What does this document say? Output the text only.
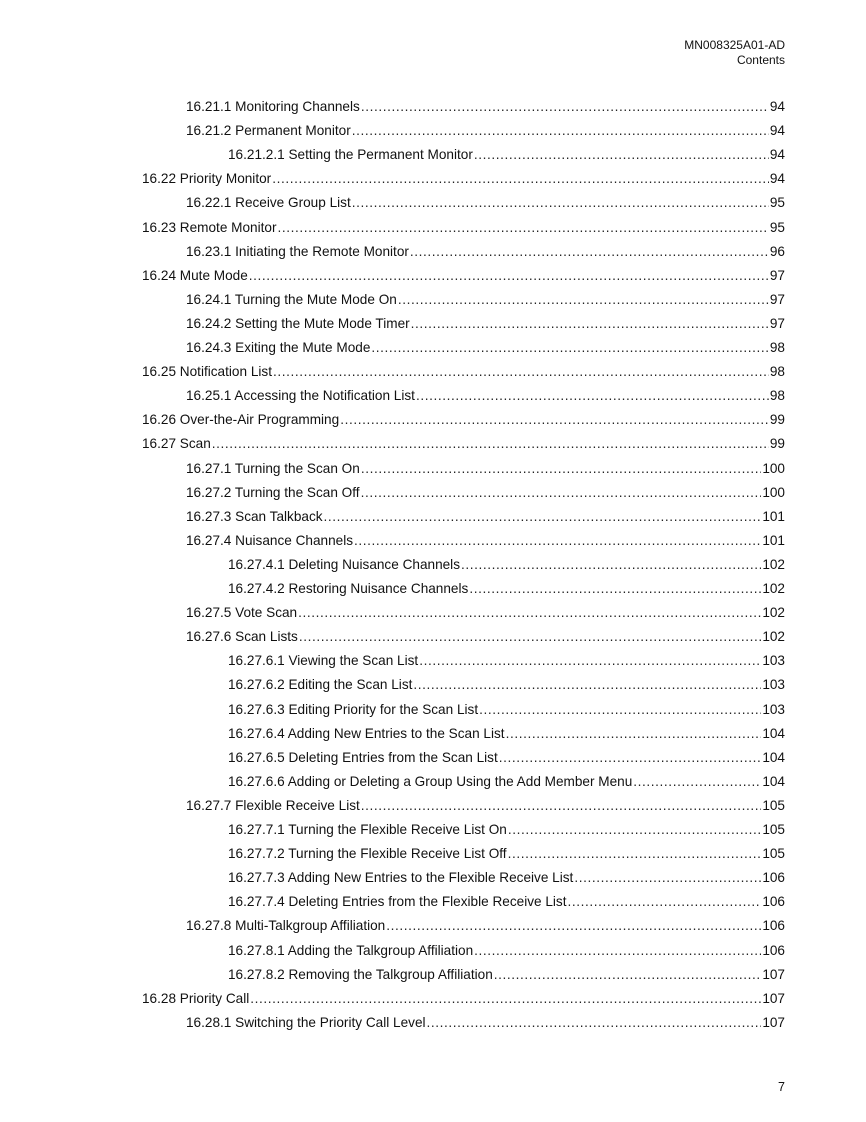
MN008325A01-AD
Contents
16.21.1 Monitoring Channels .....	94
16.21.2 Permanent Monitor .....	94
16.21.2.1 Setting the Permanent Monitor .....	94
16.22 Priority Monitor .....	94
16.22.1 Receive Group List .....	95
16.23 Remote Monitor .....	95
16.23.1 Initiating the Remote Monitor .....	96
16.24 Mute Mode .....	97
16.24.1 Turning the Mute Mode On .....	97
16.24.2 Setting the Mute Mode Timer .....	97
16.24.3 Exiting the Mute Mode .....	98
16.25 Notification List .....	98
16.25.1 Accessing the Notification List .....	98
16.26 Over-the-Air Programming .....	99
16.27 Scan .....	99
16.27.1 Turning the Scan On .....	100
16.27.2 Turning the Scan Off .....	100
16.27.3 Scan Talkback .....	101
16.27.4 Nuisance Channels .....	101
16.27.4.1 Deleting Nuisance Channels .....	102
16.27.4.2 Restoring Nuisance Channels .....	102
16.27.5 Vote Scan .....	102
16.27.6 Scan Lists .....	102
16.27.6.1 Viewing the Scan List .....	103
16.27.6.2 Editing the Scan List .....	103
16.27.6.3 Editing Priority for the Scan List .....	103
16.27.6.4 Adding New Entries to the Scan List .....	104
16.27.6.5 Deleting Entries from the Scan List .....	104
16.27.6.6 Adding or Deleting a Group Using the Add Member Menu .....	104
16.27.7 Flexible Receive List .....	105
16.27.7.1 Turning the Flexible Receive List On .....	105
16.27.7.2 Turning the Flexible Receive List Off .....	105
16.27.7.3 Adding New Entries to the Flexible Receive List .....	106
16.27.7.4 Deleting Entries from the Flexible Receive List .....	106
16.27.8 Multi-Talkgroup Affiliation .....	106
16.27.8.1 Adding the Talkgroup Affiliation .....	106
16.27.8.2 Removing the Talkgroup Affiliation .....	107
16.28 Priority Call .....	107
16.28.1 Switching the Priority Call Level .....	107
7
